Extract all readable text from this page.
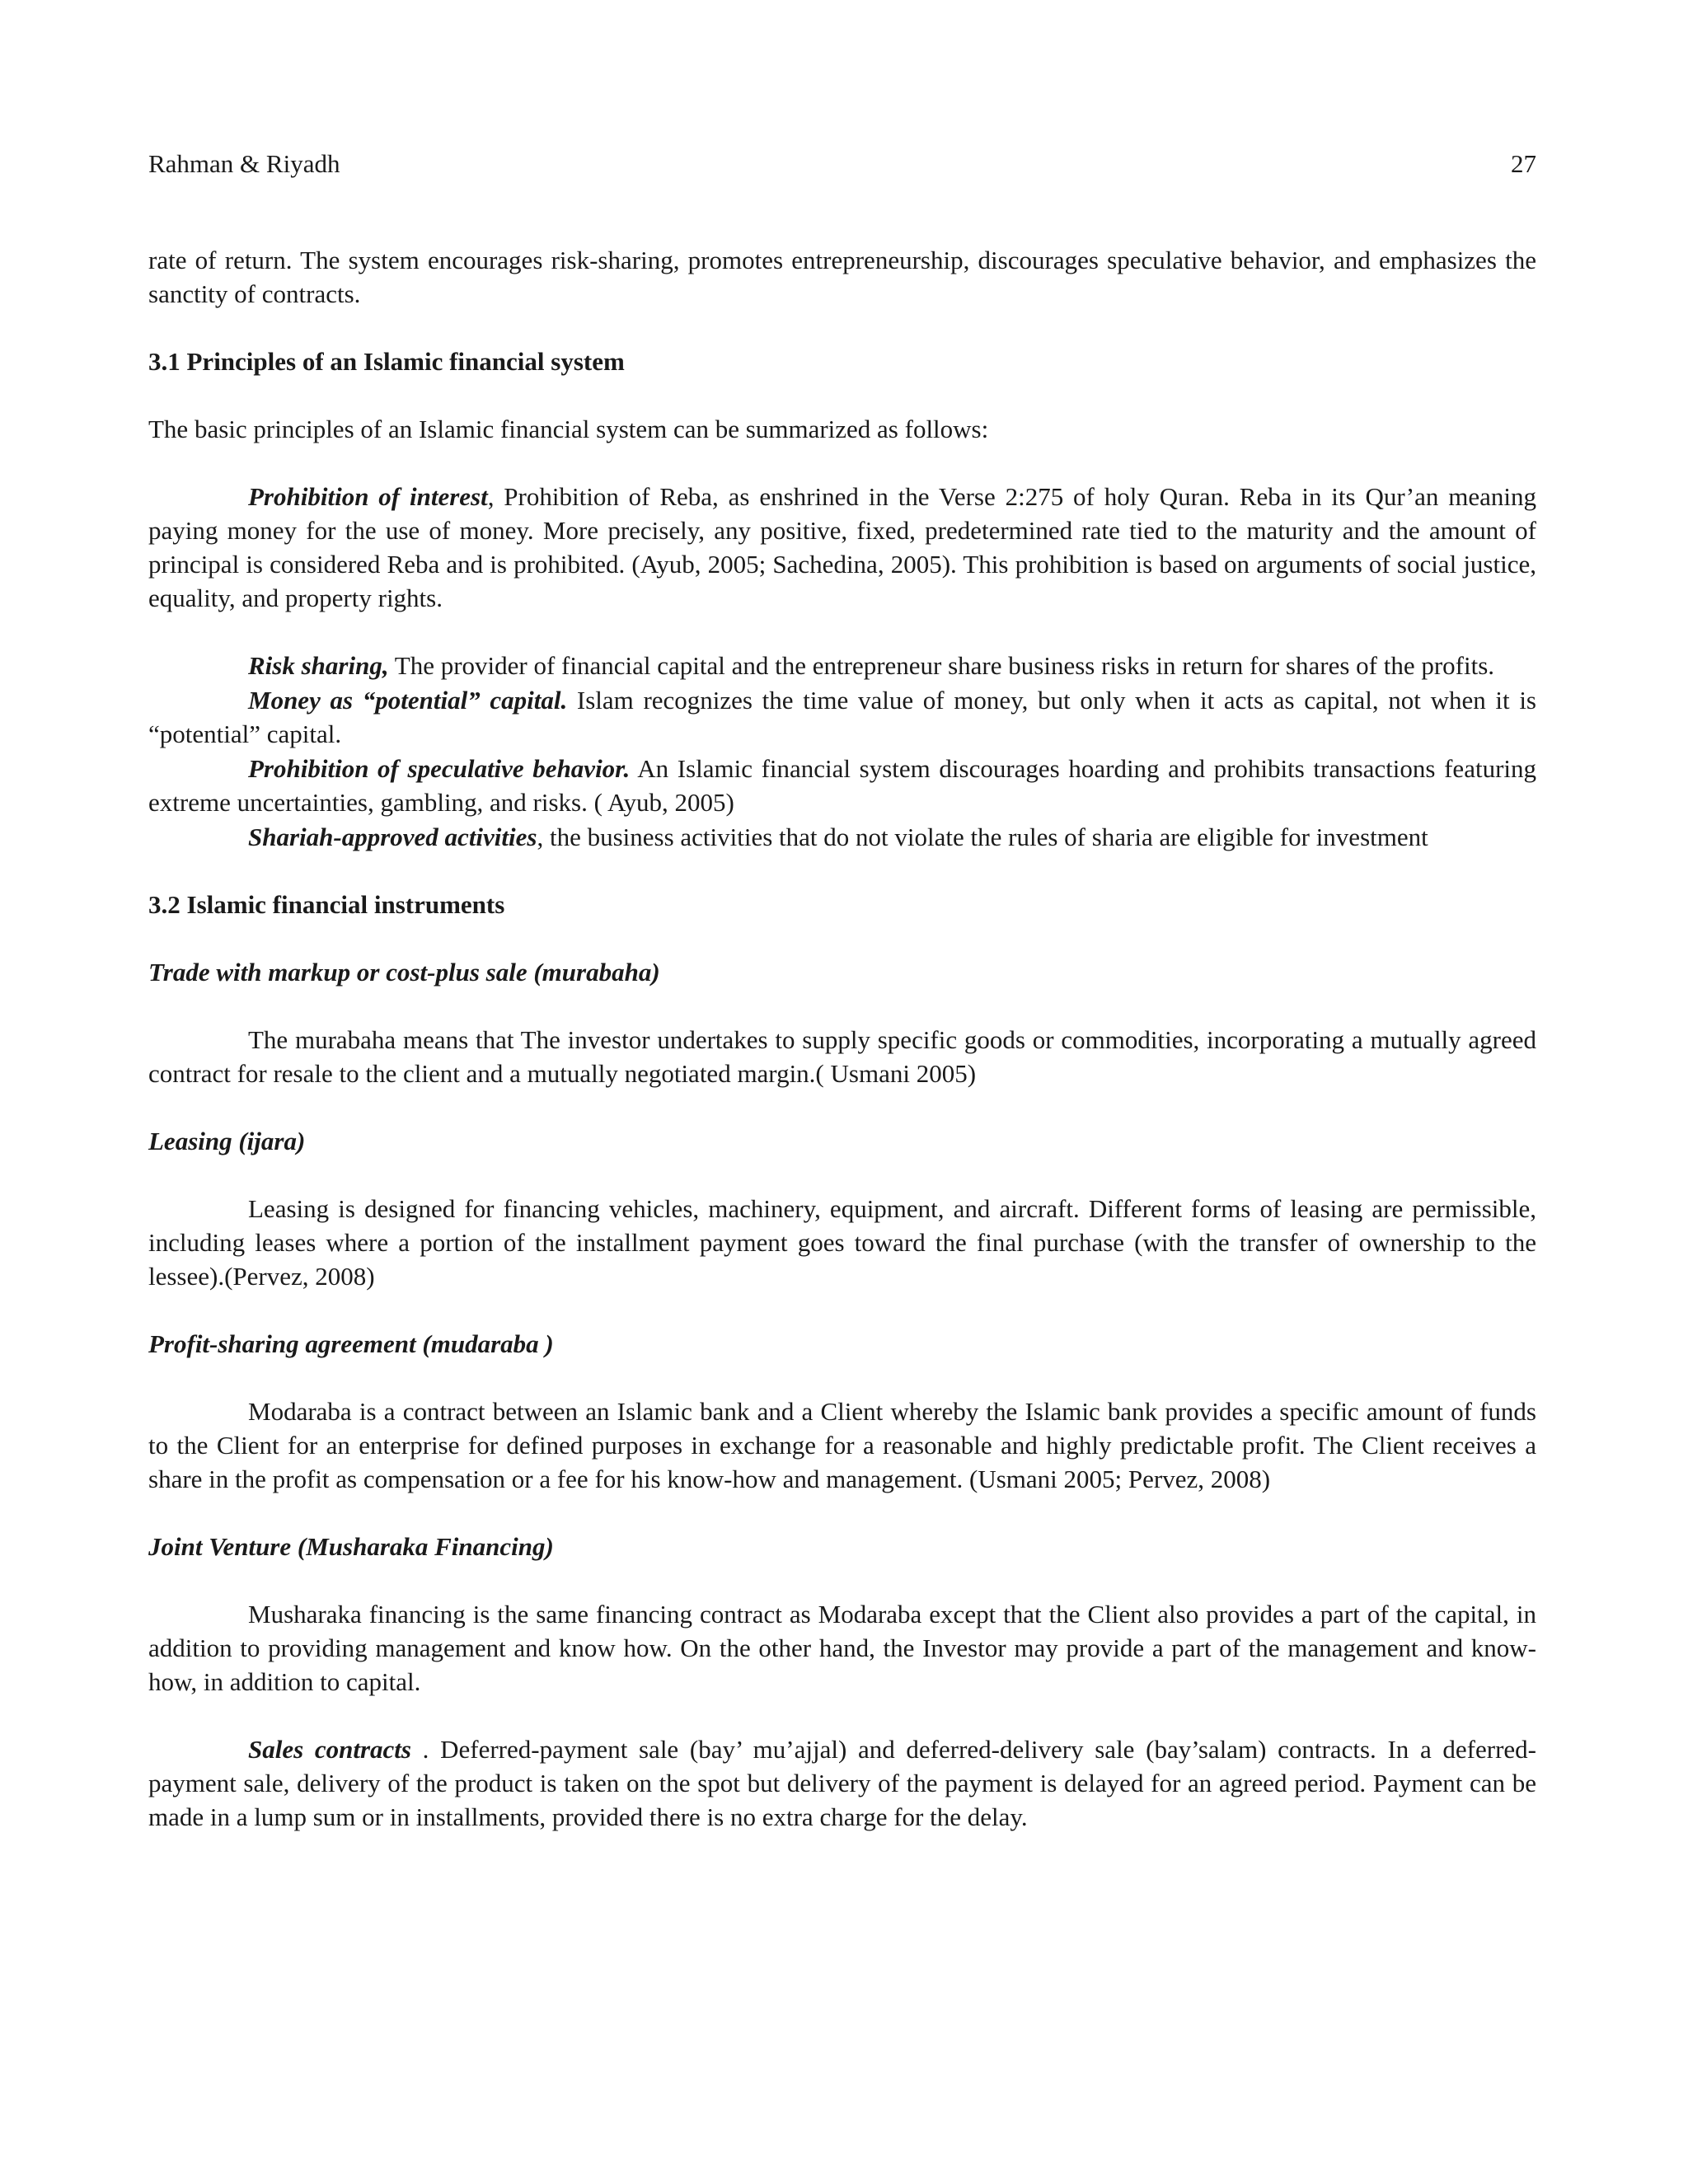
Rahman & Riyadh	27

rate of return. The system encourages risk-sharing, promotes entrepreneurship, discourages speculative behavior, and emphasizes the sanctity of contracts.

3.1 Principles of an Islamic financial system

The basic principles of an Islamic financial system can be summarized as follows:

Prohibition of interest, Prohibition of Reba, as enshrined in the Verse 2:275 of holy Quran. Reba in its Qur’an meaning paying money for the use of money. More precisely, any positive, fixed, predetermined rate tied to the maturity and the amount of principal is considered Reba and is prohibited. (Ayub, 2005; Sachedina, 2005). This prohibition is based on arguments of social justice, equality, and property rights.

Risk sharing, The provider of financial capital and the entrepreneur share business risks in return for shares of the profits.

Money as “potential” capital. Islam recognizes the time value of money, but only when it acts as capital, not when it is “potential” capital.

Prohibition of speculative behavior. An Islamic financial system discourages hoarding and prohibits transactions featuring extreme uncertainties, gambling, and risks. ( Ayub, 2005)

Shariah-approved activities, the business activities that do not violate the rules of sharia are eligible for investment

3.2 Islamic financial instruments
Trade with markup or cost-plus sale (murabaha)

The murabaha means that The investor undertakes to supply specific goods or commodities, incorporating a mutually agreed contract for resale to the client and a mutually negotiated margin.( Usmani 2005)

Leasing (ijara)

Leasing is designed for financing vehicles, machinery, equipment, and aircraft. Different forms of leasing are permissible, including leases where a portion of the installment payment goes toward the final purchase (with the transfer of ownership to the lessee).(Pervez, 2008)

Profit-sharing agreement (mudaraba )

Modaraba is a contract between an Islamic bank and a Client whereby the Islamic bank provides a specific amount of funds to the Client for an enterprise for defined purposes in exchange for a reasonable and highly predictable profit. The Client receives a share in the profit as compensation or a fee for his know-how and management. (Usmani 2005; Pervez, 2008)

Joint Venture (Musharaka Financing)

Musharaka financing is the same financing contract as Modaraba except that the Client also provides a part of the capital, in addition to providing management and know how. On the other hand, the Investor may provide a part of the management and know-how, in addition to capital.

Sales contracts . Deferred-payment sale (bay’ mu’ajjal) and deferred-delivery sale (bay’salam) contracts. In a deferred-payment sale, delivery of the product is taken on the spot but delivery of the payment is delayed for an agreed period. Payment can be made in a lump sum or in installments, provided there is no extra charge for the delay.
